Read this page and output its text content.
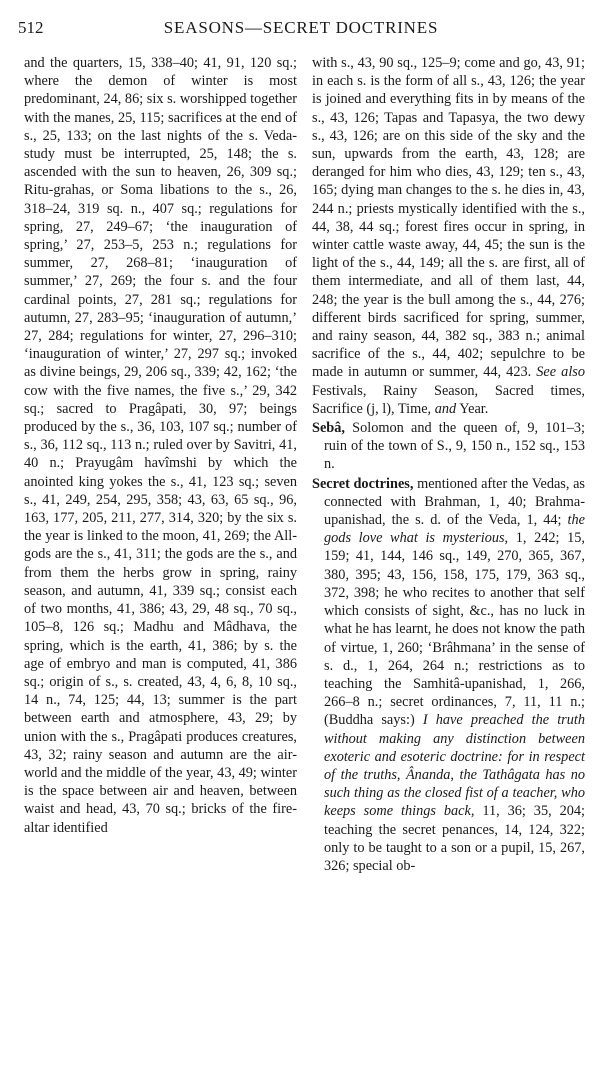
512	SEASONS—SECRET DOCTRINES

and the quarters, 15, 338–40; 41, 91, 120 sq.; where the demon of winter is most predominant, 24, 86; six s. worshipped together with the manes, 25, 115; sacrifices at the end of s., 25, 133; on the last nights of the s. Veda-study must be interrupted, 25, 148; the s. ascended with the sun to heaven, 26, 309 sq.; Ritu-grahas, or Soma libations to the s., 26, 318–24, 319 sq. n., 407 sq.; regulations for spring, 27, 249–67; ‘the inauguration of spring,’ 27, 253–5, 253 n.; regulations for summer, 27, 268–81; ‘inauguration of summer,’ 27, 269; the four s. and the four cardinal points, 27, 281 sq.; regulations for autumn, 27, 283–95; ‘inauguration of autumn,’ 27, 284; regulations for winter, 27, 296–310; ‘inauguration of winter,’ 27, 297 sq.; invoked as divine beings, 29, 206 sq., 339; 42, 162; ‘the cow with the five names, the five s.,’ 29, 342 sq.; sacred to Pragâpati, 30, 97; beings produced by the s., 36, 103, 107 sq.; number of s., 36, 112 sq., 113 n.; ruled over by Savitri, 41, 40 n.; Prayugâm havîmshi by which the anointed king yokes the s., 41, 123 sq.; seven s., 41, 249, 254, 295, 358; 43, 63, 65 sq., 96, 163, 177, 205, 211, 277, 314, 320; by the six s. the year is linked to the moon, 41, 269; the All-gods are the s., 41, 311; the gods are the s., and from them the herbs grow in spring, rainy season, and autumn, 41, 339 sq.; consist each of two months, 41, 386; 43, 29, 48 sq., 70 sq., 105–8, 126 sq.; Madhu and Mâdhava, the spring, which is the earth, 41, 386; by s. the age of embryo and man is computed, 41, 386 sq.; origin of s., s. created, 43, 4, 6, 8, 10 sq., 14 n., 74, 125; 44, 13; summer is the part between earth and atmosphere, 43, 29; by union with the s., Pragâpati produces creatures, 43, 32; rainy season and autumn are the air-world and the middle of the year, 43, 49; winter is the space between air and heaven, between waist and head, 43, 70 sq.; bricks of the fire-altar identified

with s., 43, 90 sq., 125–9; come and go, 43, 91; in each s. is the form of all s., 43, 126; the year is joined and everything fits in by means of the s., 43, 126; Tapas and Tapasya, the two dewy s., 43, 126; are on this side of the sky and the sun, upwards from the earth, 43, 128; are deranged for him who dies, 43, 129; ten s., 43, 165; dying man changes to the s. he dies in, 43, 244 n.; priests mystically identified with the s., 44, 38, 44 sq.; forest fires occur in spring, in winter cattle waste away, 44, 45; the sun is the light of the s., 44, 149; all the s. are first, all of them intermediate, and all of them last, 44, 248; the year is the bull among the s., 44, 276; different birds sacrificed for spring, summer, and rainy season, 44, 382 sq., 383 n.; animal sacrifice of the s., 44, 402; sepulchre to be made in autumn or summer, 44, 423. See also Festivals, Rainy Season, Sacred times, Sacrifice (j, l), Time, and Year.

Sebâ, Solomon and the queen of, 9, 101–3; ruin of the town of S., 9, 150 n., 152 sq., 153 n.

Secret doctrines, mentioned after the Vedas, as connected with Brahman, 1, 40; Brahma-upanishad, the s. d. of the Veda, 1, 44; the gods love what is mysterious, 1, 242; 15, 159; 41, 144, 146 sq., 149, 270, 365, 367, 380, 395; 43, 156, 158, 175, 179, 363 sq., 372, 398; he who recites to another that self which consists of sight, &c., has no luck in what he has learnt, he does not know the path of virtue, 1, 260; ‘Brâhmana’ in the sense of s. d., 1, 264, 264 n.; restrictions as to teaching the Samhitâ-upanishad, 1, 266, 266–8 n.; secret ordinances, 7, 11, 11 n.; (Buddha says:) I have preached the truth without making any distinction between exoteric and esoteric doctrine: for in respect of the truths, Ânanda, the Tathâgata has no such thing as the closed fist of a teacher, who keeps some things back, 11, 36; 35, 204; teaching the secret penances, 14, 124, 322; only to be taught to a son or a pupil, 15, 267, 326; special ob-
